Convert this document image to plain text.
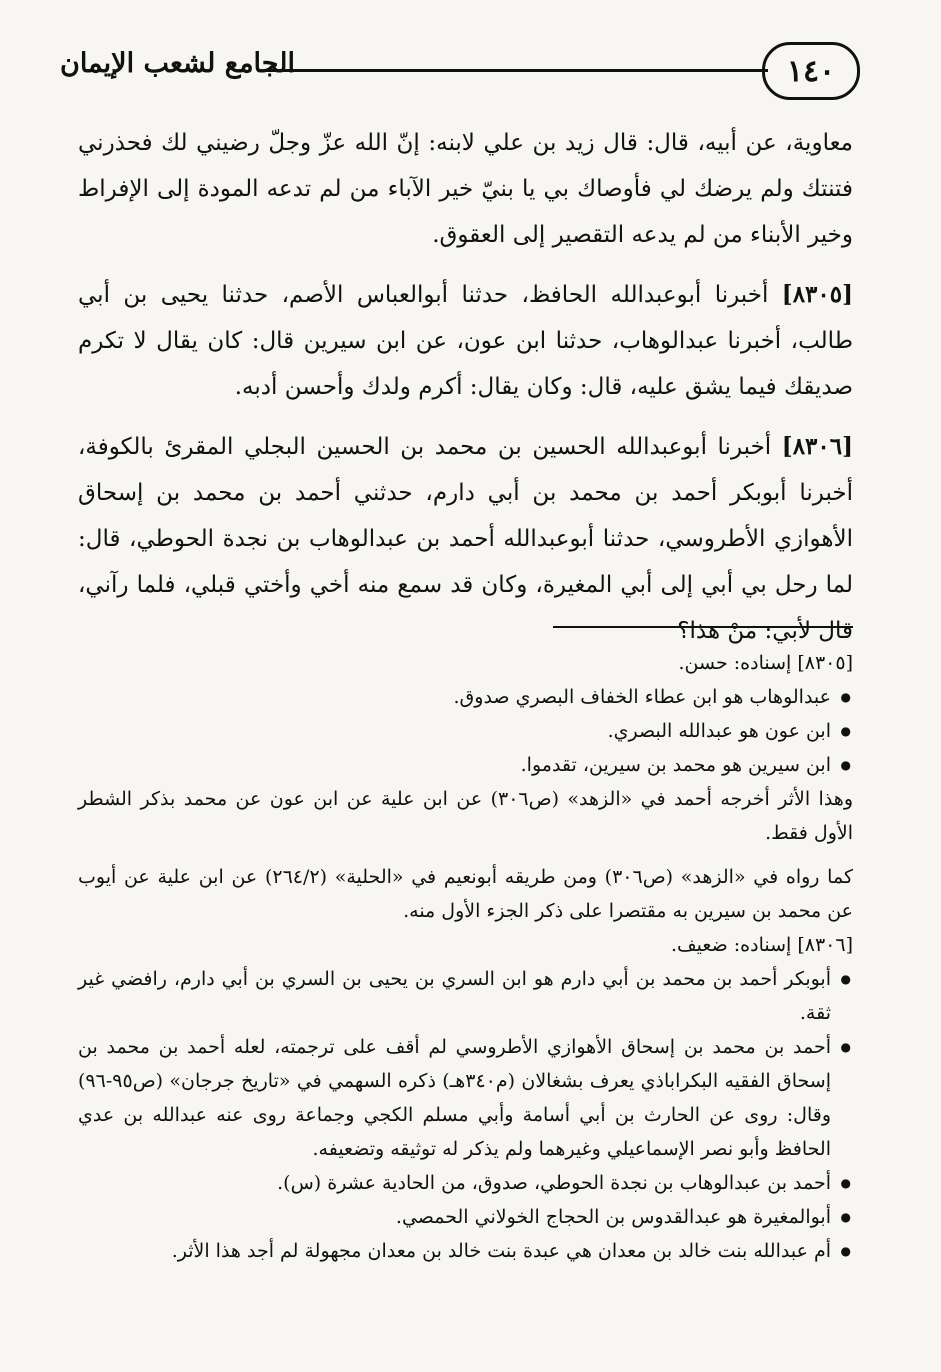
١٤٠
الجامع لشعب الإيمان

معاوية، عن أبيه، قال: قال زيد بن علي لابنه: إنّ الله عزّ وجلّ رضيني لك فحذرني فتنتك ولم يرضك لي فأوصاك بي يا بنيّ خير الآباء من لم تدعه المودة إلى الإفراط وخير الأبناء من لم يدعه التقصير إلى العقوق.

[٨٣٠٥] أخبرنا أبوعبدالله الحافظ، حدثنا أبوالعباس الأصم، حدثنا يحيى بن أبي طالب، أخبرنا عبدالوهاب، حدثنا ابن عون، عن ابن سيرين قال: كان يقال لا تكرم صديقك فيما يشق عليه، قال: وكان يقال: أكرم ولدك وأحسن أدبه.

[٨٣٠٦] أخبرنا أبوعبدالله الحسين بن محمد بن الحسين البجلي المقرئ بالكوفة، أخبرنا أبوبكر أحمد بن محمد بن أبي دارم، حدثني أحمد بن محمد بن إسحاق الأهوازي الأطروسي، حدثنا أبوعبدالله أحمد بن عبدالوهاب بن نجدة الحوطي، قال: لما رحل بي أبي إلى أبي المغيرة، وكان قد سمع منه أخي وأختي قبلي، فلما رآني، قال لأبي: مَنْ هذا؟

[٨٣٠٥] إسناده: حسن.

● عبدالوهاب هو ابن عطاء الخفاف البصري صدوق.
● ابن عون هو عبدالله البصري.
● ابن سيرين هو محمد بن سيرين، تقدموا.

وهذا الأثر أخرجه أحمد في «الزهد» (ص٣٠٦) عن ابن علية عن ابن عون عن محمد بذكر الشطر الأول فقط.

كما رواه في «الزهد» (ص٣٠٦) ومن طريقه أبونعيم في «الحلية» (٢٦٤/٢) عن ابن علية عن أيوب عن محمد بن سيرين به مقتصرا على ذكر الجزء الأول منه.

[٨٣٠٦] إسناده: ضعيف.

● أبوبكر أحمد بن محمد بن أبي دارم هو ابن السري بن يحيى بن السري بن أبي دارم، رافضي غير ثقة.
● أحمد بن محمد بن إسحاق الأهوازي الأطروسي لم أقف على ترجمته، لعله أحمد بن محمد بن إسحاق الفقيه البكراباذي يعرف بشغالان (م٣٤٠هـ) ذكره السهمي في «تاريخ جرجان» (ص٩٥-٩٦) وقال: روى عن الحارث بن أبي أسامة وأبي مسلم الكجي وجماعة روى عنه عبدالله بن عدي الحافظ وأبو نصر الإسماعيلي وغيرهما ولم يذكر له توثيقه وتضعيفه.
● أحمد بن عبدالوهاب بن نجدة الحوطي، صدوق، من الحادية عشرة (س).
● أبوالمغيرة هو عبدالقدوس بن الحجاج الخولاني الحمصي.
● أم عبدالله بنت خالد بن معدان هي عبدة بنت خالد بن معدان مجهولة لم أجد هذا الأثر.
